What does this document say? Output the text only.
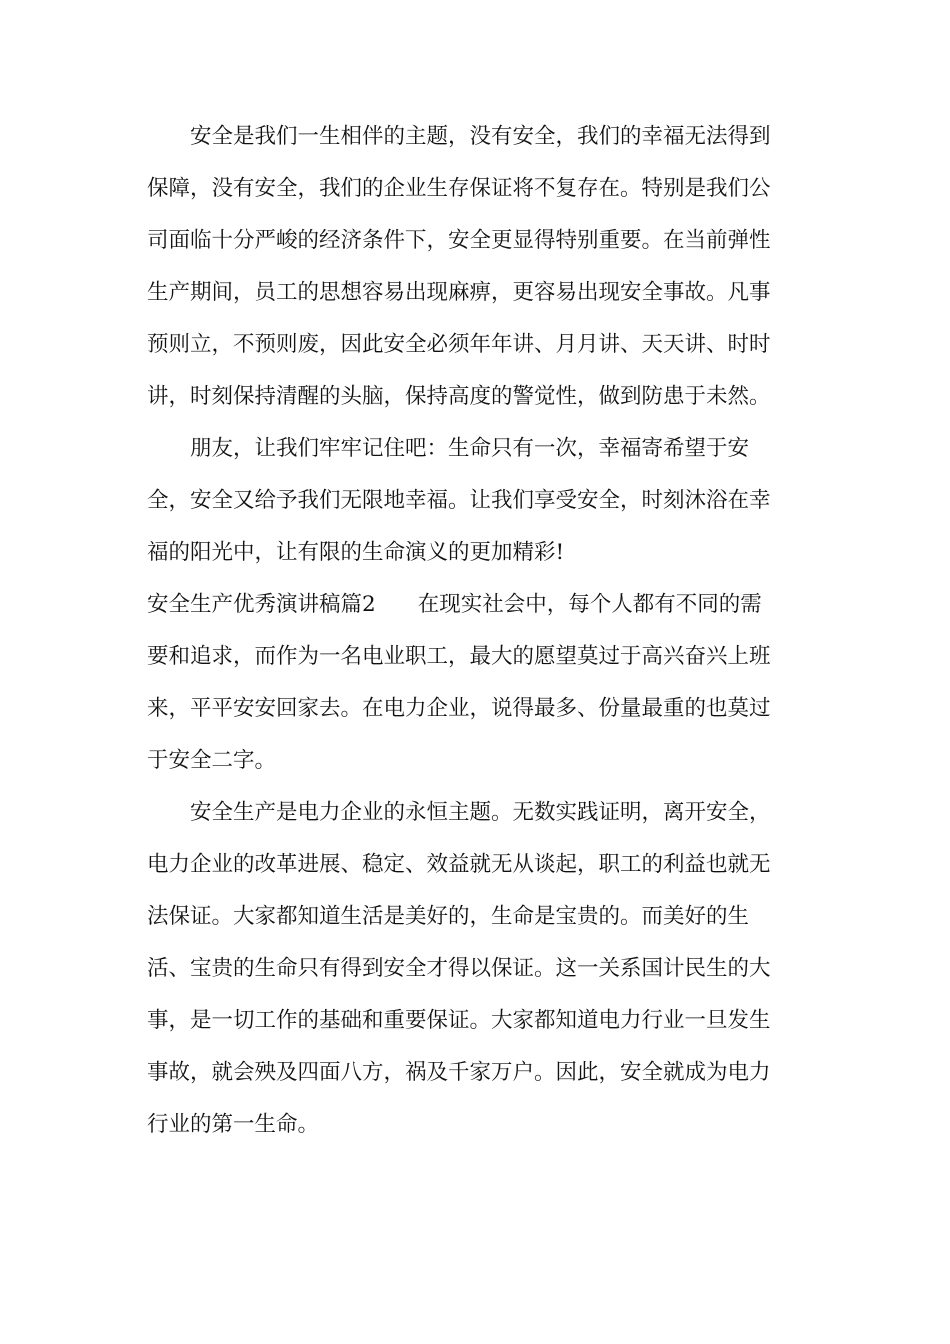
安全是我们一生相伴的主题，没有安全，我们的幸福无法得到
保障，没有安全，我们的企业生存保证将不复存在。特别是我们公
司面临十分严峻的经济条件下，安全更显得特别重要。在当前弹性
生产期间，员工的思想容易出现麻痹，更容易出现安全事故。凡事
预则立，不预则废，因此安全必须年年讲、月月讲、天天讲、时时
讲，时刻保持清醒的头脑，保持高度的警觉性，做到防患于未然。
朋友，让我们牢牢记住吧：生命只有一次，幸福寄希望于安
全，安全又给予我们无限地幸福。让我们享受安全，时刻沐浴在幸
福的阳光中，让有限的生命演义的更加精彩!
安全生产优秀演讲稿篇2 在现实社会中，每个人都有不同的需
要和追求，而作为一名电业职工，最大的愿望莫过于高兴奋兴上班
来，平平安安回家去。在电力企业，说得最多、份量最重的也莫过
于安全二字。
安全生产是电力企业的永恒主题。无数实践证明，离开安全，
电力企业的改革进展、稳定、效益就无从谈起，职工的利益也就无
法保证。大家都知道生活是美好的，生命是宝贵的。而美好的生
活、宝贵的生命只有得到安全才得以保证。这一关系国计民生的大
事，是一切工作的基础和重要保证。大家都知道电力行业一旦发生
事故，就会殃及四面八方，祸及千家万户。因此，安全就成为电力
行业的第一生命。
